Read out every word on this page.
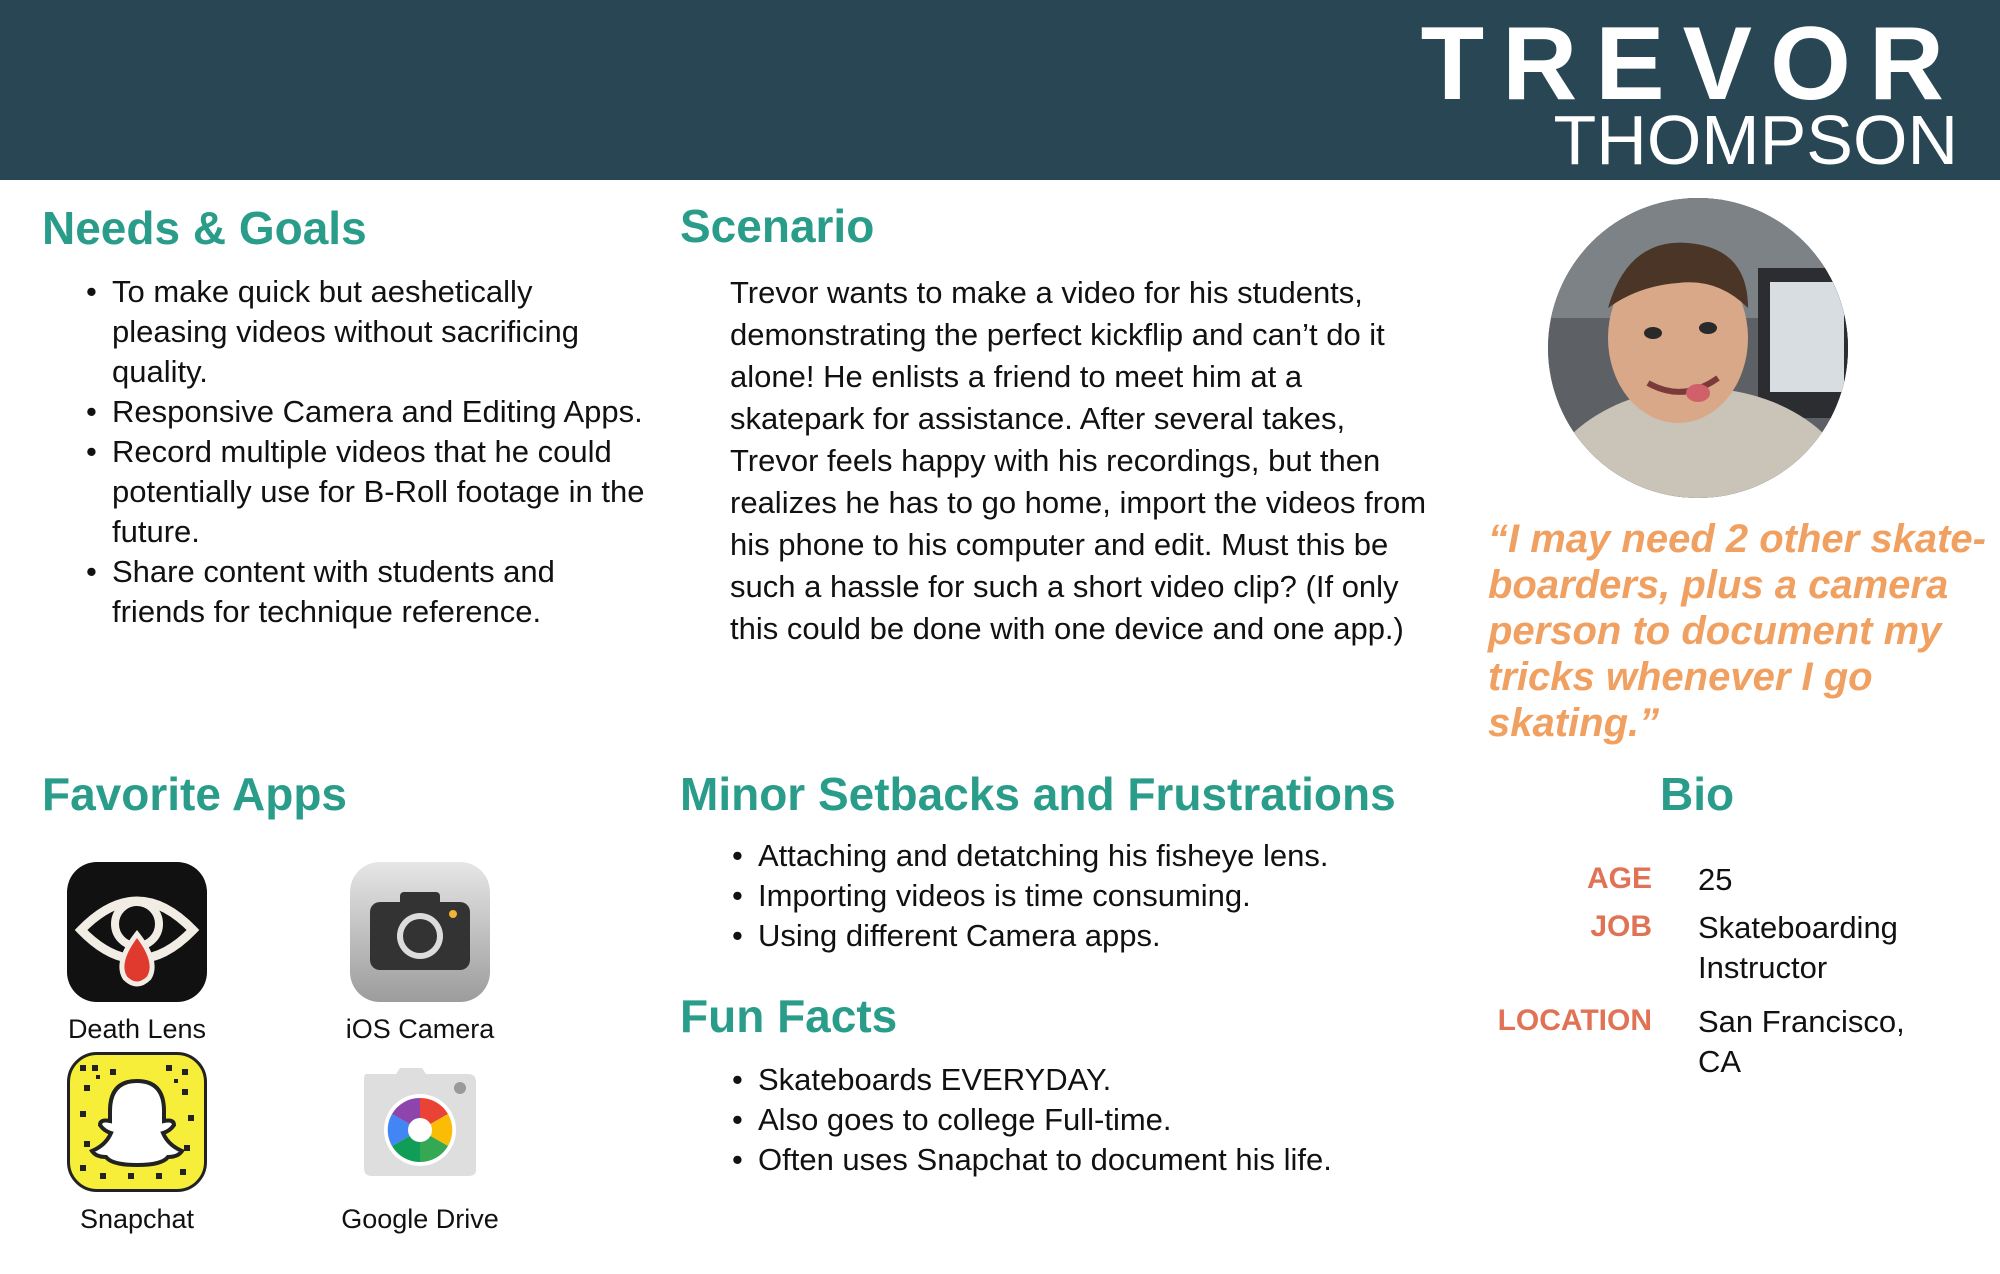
TREVOR
THOMPSON
Needs & Goals
• To make quick but aeshetically pleasing videos without sacrificing quality.
• Responsive Camera and Editing Apps.
• Record multiple videos that he could potentially use for B-Roll footage in the future.
• Share content with students and friends for technique reference.
Scenario

Trevor wants to make a video for his students, demonstrating the perfect kickflip and can’t do it alone! He enlists a friend to meet him at a skatepark for assistance. After several takes, Trevor feels happy with his recordings, but then realizes he has to go home, import the videos from his phone to his computer and edit. Must this be such a hassle for such a short video clip? (If only this could be done with one device and one app.)

“I may need 2 other skate-boarders, plus a camera person to document my tricks whenever I go skating.”
Favorite Apps
Death Lens	iOS Camera
Snapchat	Google Drive
Minor Setbacks and Frustrations
• Attaching and detatching his fisheye lens.
• Importing videos is time consuming.
• Using different Camera apps.
Fun Facts
• Skateboards EVERYDAY.
• Also goes to college Full-time.
• Often uses Snapchat to document his life.
Bio
AGE 25
JOB Skateboarding Instructor
LOCATION San Francisco, CA
